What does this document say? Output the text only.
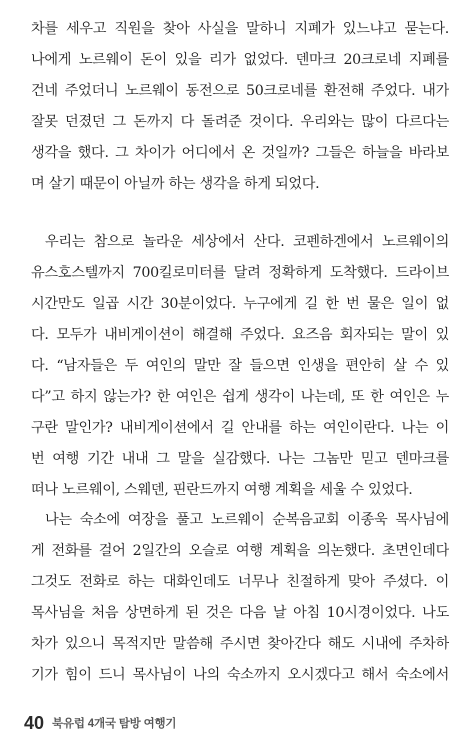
차를 세우고 직원을 찾아 사실을 말하니 지폐가 있느냐고 묻는다.
나에게 노르웨이 돈이 있을 리가 없었다. 덴마크 20크로네 지폐를
건네 주었더니 노르웨이 동전으로 50크로네를 환전해 주었다. 내가
잘못 던졌던 그 돈까지 다 돌려준 것이다. 우리와는 많이 다르다는
생각을 했다. 그 차이가 어디에서 온 것일까? 그들은 하늘을 바라보
며 살기 때문이 아닐까 하는 생각을 하게 되었다.
우리는 참으로 놀라운 세상에서 산다. 코펜하겐에서 노르웨이의
유스호스텔까지 700킬로미터를 달려 정확하게 도착했다. 드라이브
시간만도 일곱 시간 30분이었다. 누구에게 길 한 번 물은 일이 없
다. 모두가 내비게이션이 해결해 주었다. 요즈음 회자되는 말이 있
다. “남자들은 두 여인의 말만 잘 들으면 인생을 편안히 살 수 있
다”고 하지 않는가? 한 여인은 쉽게 생각이 나는데, 또 한 여인은 누
구란 말인가? 내비게이션에서 길 안내를 하는 여인이란다. 나는 이
번 여행 기간 내내 그 말을 실감했다. 나는 그놈만 믿고 덴마크를
떠나 노르웨이, 스웨덴, 핀란드까지 여행 계획을 세울 수 있었다.
나는 숙소에 여장을 풀고 노르웨이 순복음교회 이종욱 목사님에
게 전화를 걸어 2일간의 오슬로 여행 계획을 의논했다. 초면인데다
그것도 전화로 하는 대화인데도 너무나 친절하게 맞아 주셨다. 이
목사님을 처음 상면하게 된 것은 다음 날 아침 10시경이었다. 나도
차가 있으니 목적지만 말씀해 주시면 찾아간다 해도 시내에 주차하
기가 힘이 드니 목사님이 나의 숙소까지 오시겠다고 해서 숙소에서
40 북유럽 4개국 탐방 여행기
